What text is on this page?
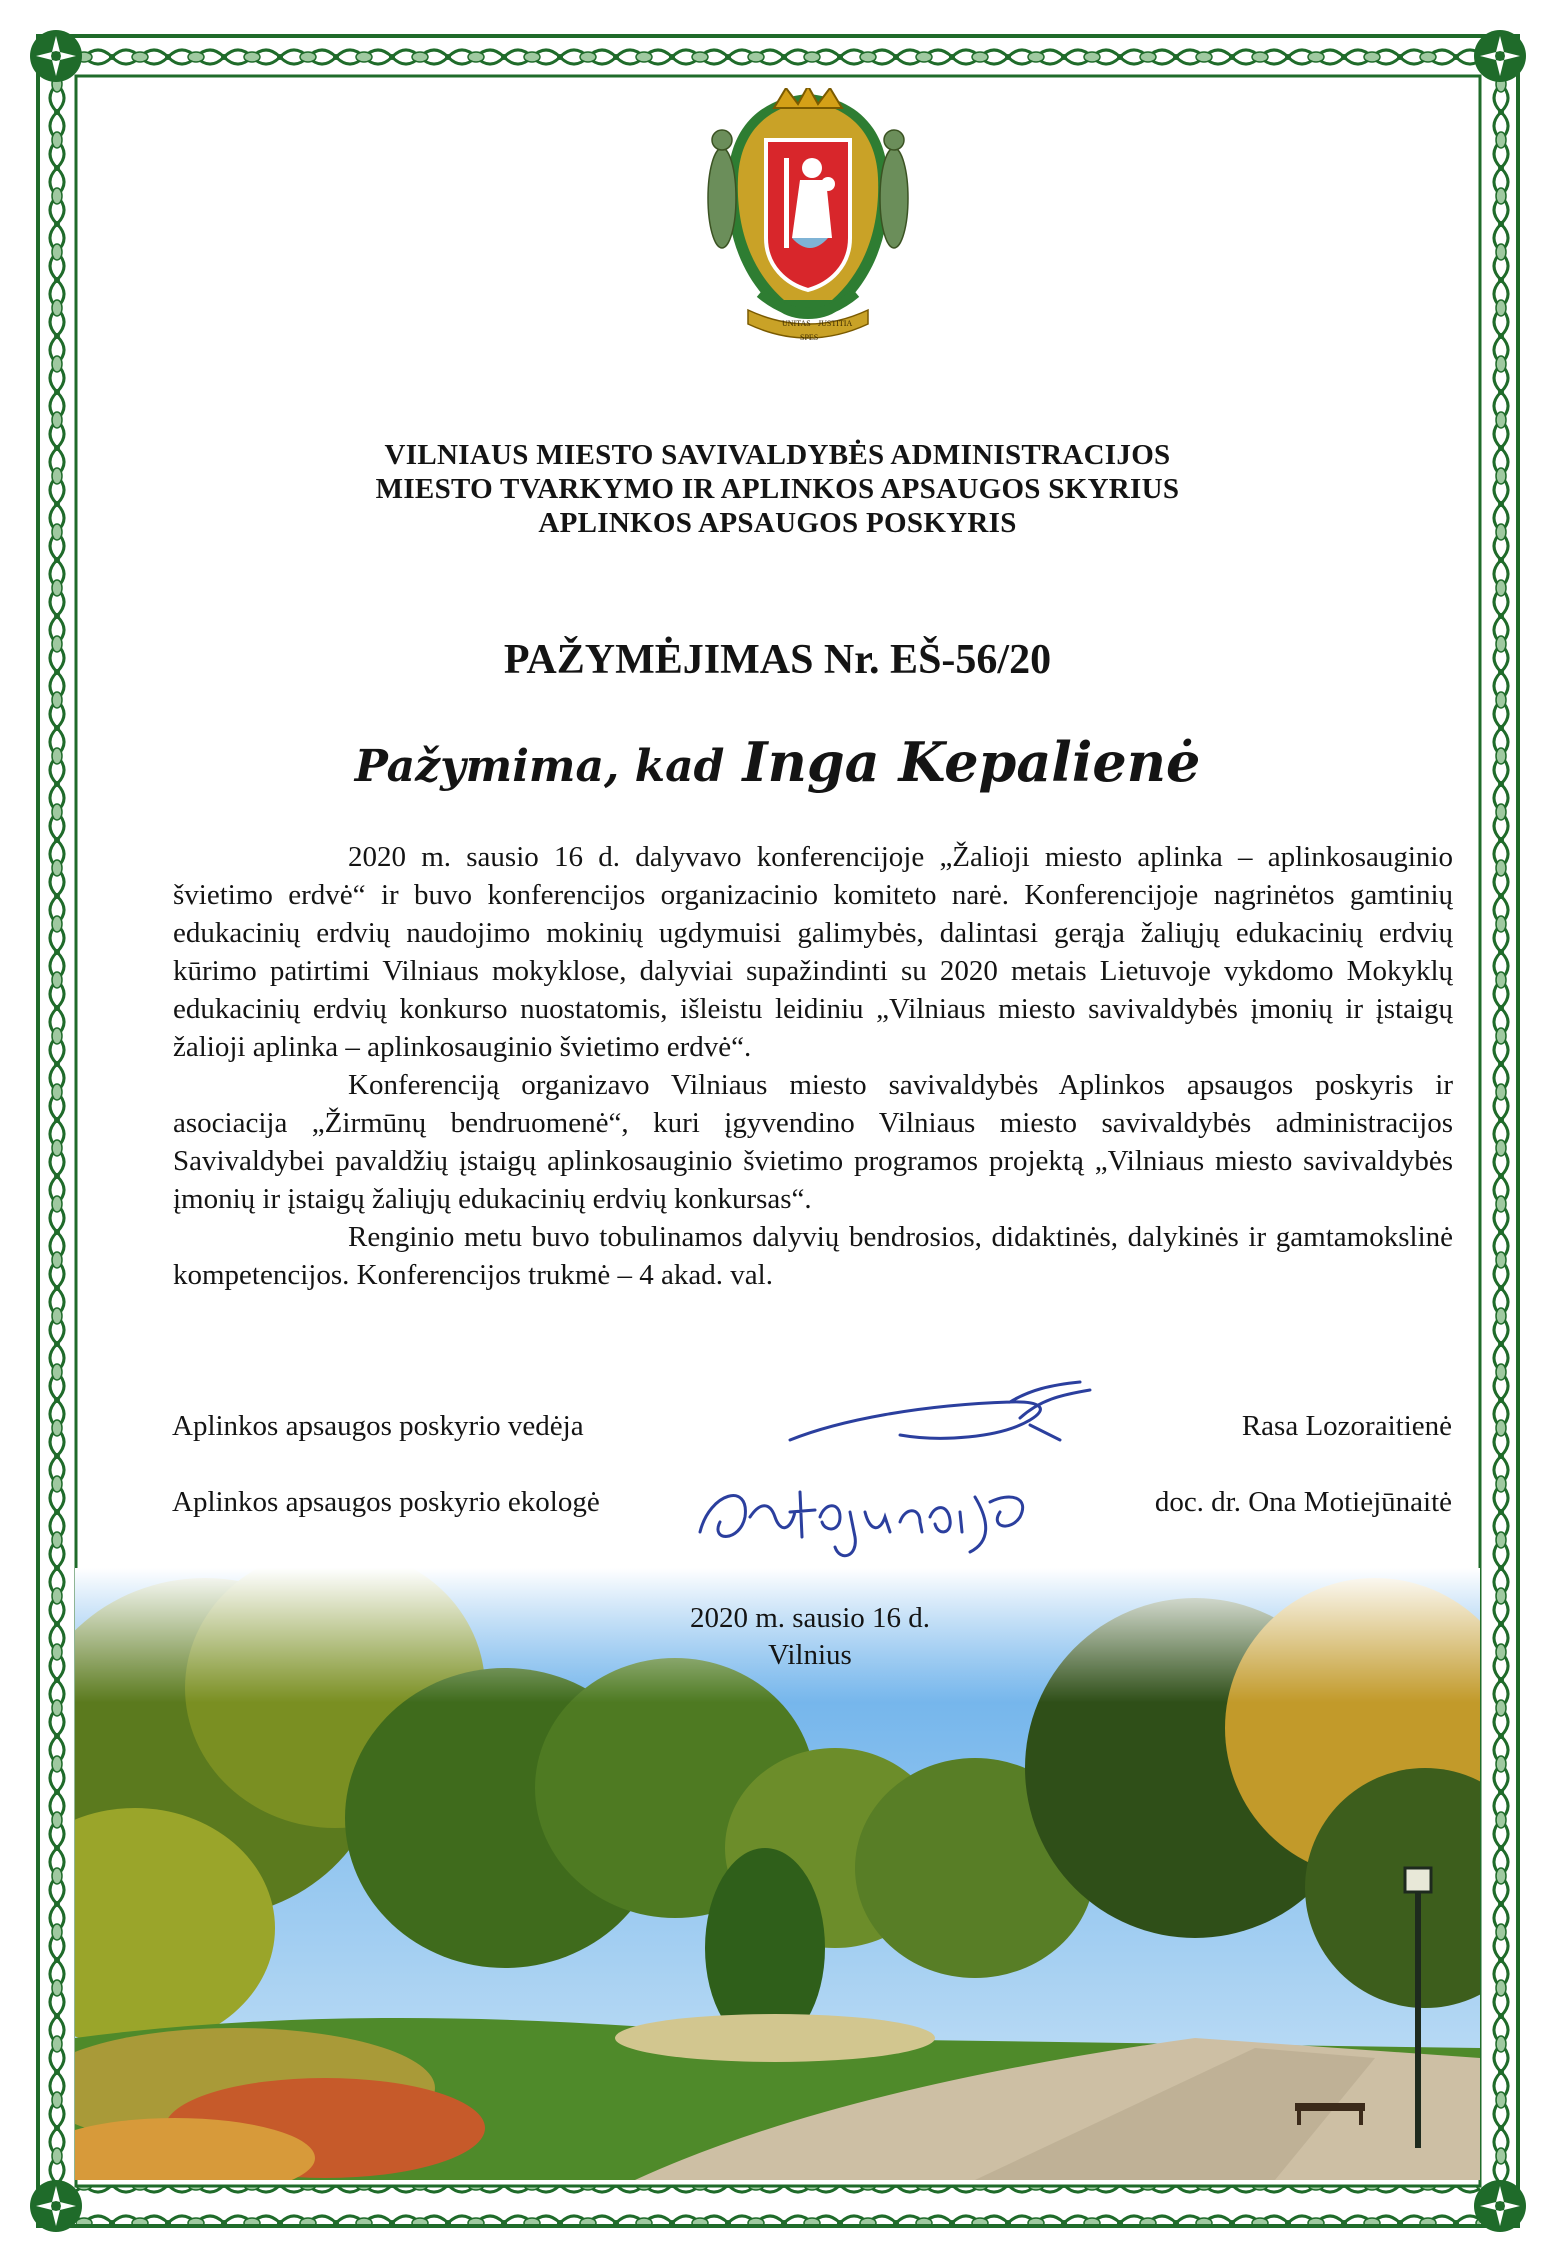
UNITAS JUSTITIA
SPES
VILNIAUS MIESTO SAVIVALDYBĖS ADMINISTRACIJOS
MIESTO TVARKYMO IR APLINKOS APSAUGOS SKYRIUS
APLINKOS APSAUGOS POSKYRIS
PAŽYMĖJIMAS Nr. EŠ-56/20
Pažymima, kad Inga Kepalienė

2020 m. sausio 16 d. dalyvavo konferencijoje „Žalioji miesto aplinka – aplinkosauginio švietimo erdvė“ ir buvo konferencijos organizacinio komiteto narė. Konferencijoje nagrinėtos gamtinių edukacinių erdvių naudojimo mokinių ugdymuisi galimybės, dalintasi gerąja žaliųjų edukacinių erdvių kūrimo patirtimi Vilniaus mokyklose, dalyviai supažindinti su 2020 metais Lietuvoje vykdomo Mokyklų edukacinių erdvių konkurso nuostatomis, išleistu leidiniu „Vilniaus miesto savivaldybės įmonių ir įstaigų žalioji aplinka – aplinkosauginio švietimo erdvė“.

Konferenciją organizavo Vilniaus miesto savivaldybės Aplinkos apsaugos poskyris ir asociacija „Žirmūnų bendruomenė“, kuri įgyvendino Vilniaus miesto savivaldybės administracijos Savivaldybei pavaldžių įstaigų aplinkosauginio švietimo programos projektą „Vilniaus miesto savivaldybės įmonių ir įstaigų žaliųjų edukacinių erdvių konkursas“.

Renginio metu buvo tobulinamos dalyvių bendrosios, didaktinės, dalykinės ir gamtamokslinė kompetencijos. Konferencijos trukmė – 4 akad. val.

Aplinkos apsaugos poskyrio vedėja	Rasa Lozoraitienė
Aplinkos apsaugos poskyrio ekologė	doc. dr. Ona Motiejūnaitė
2020 m. sausio 16 d.
Vilnius
